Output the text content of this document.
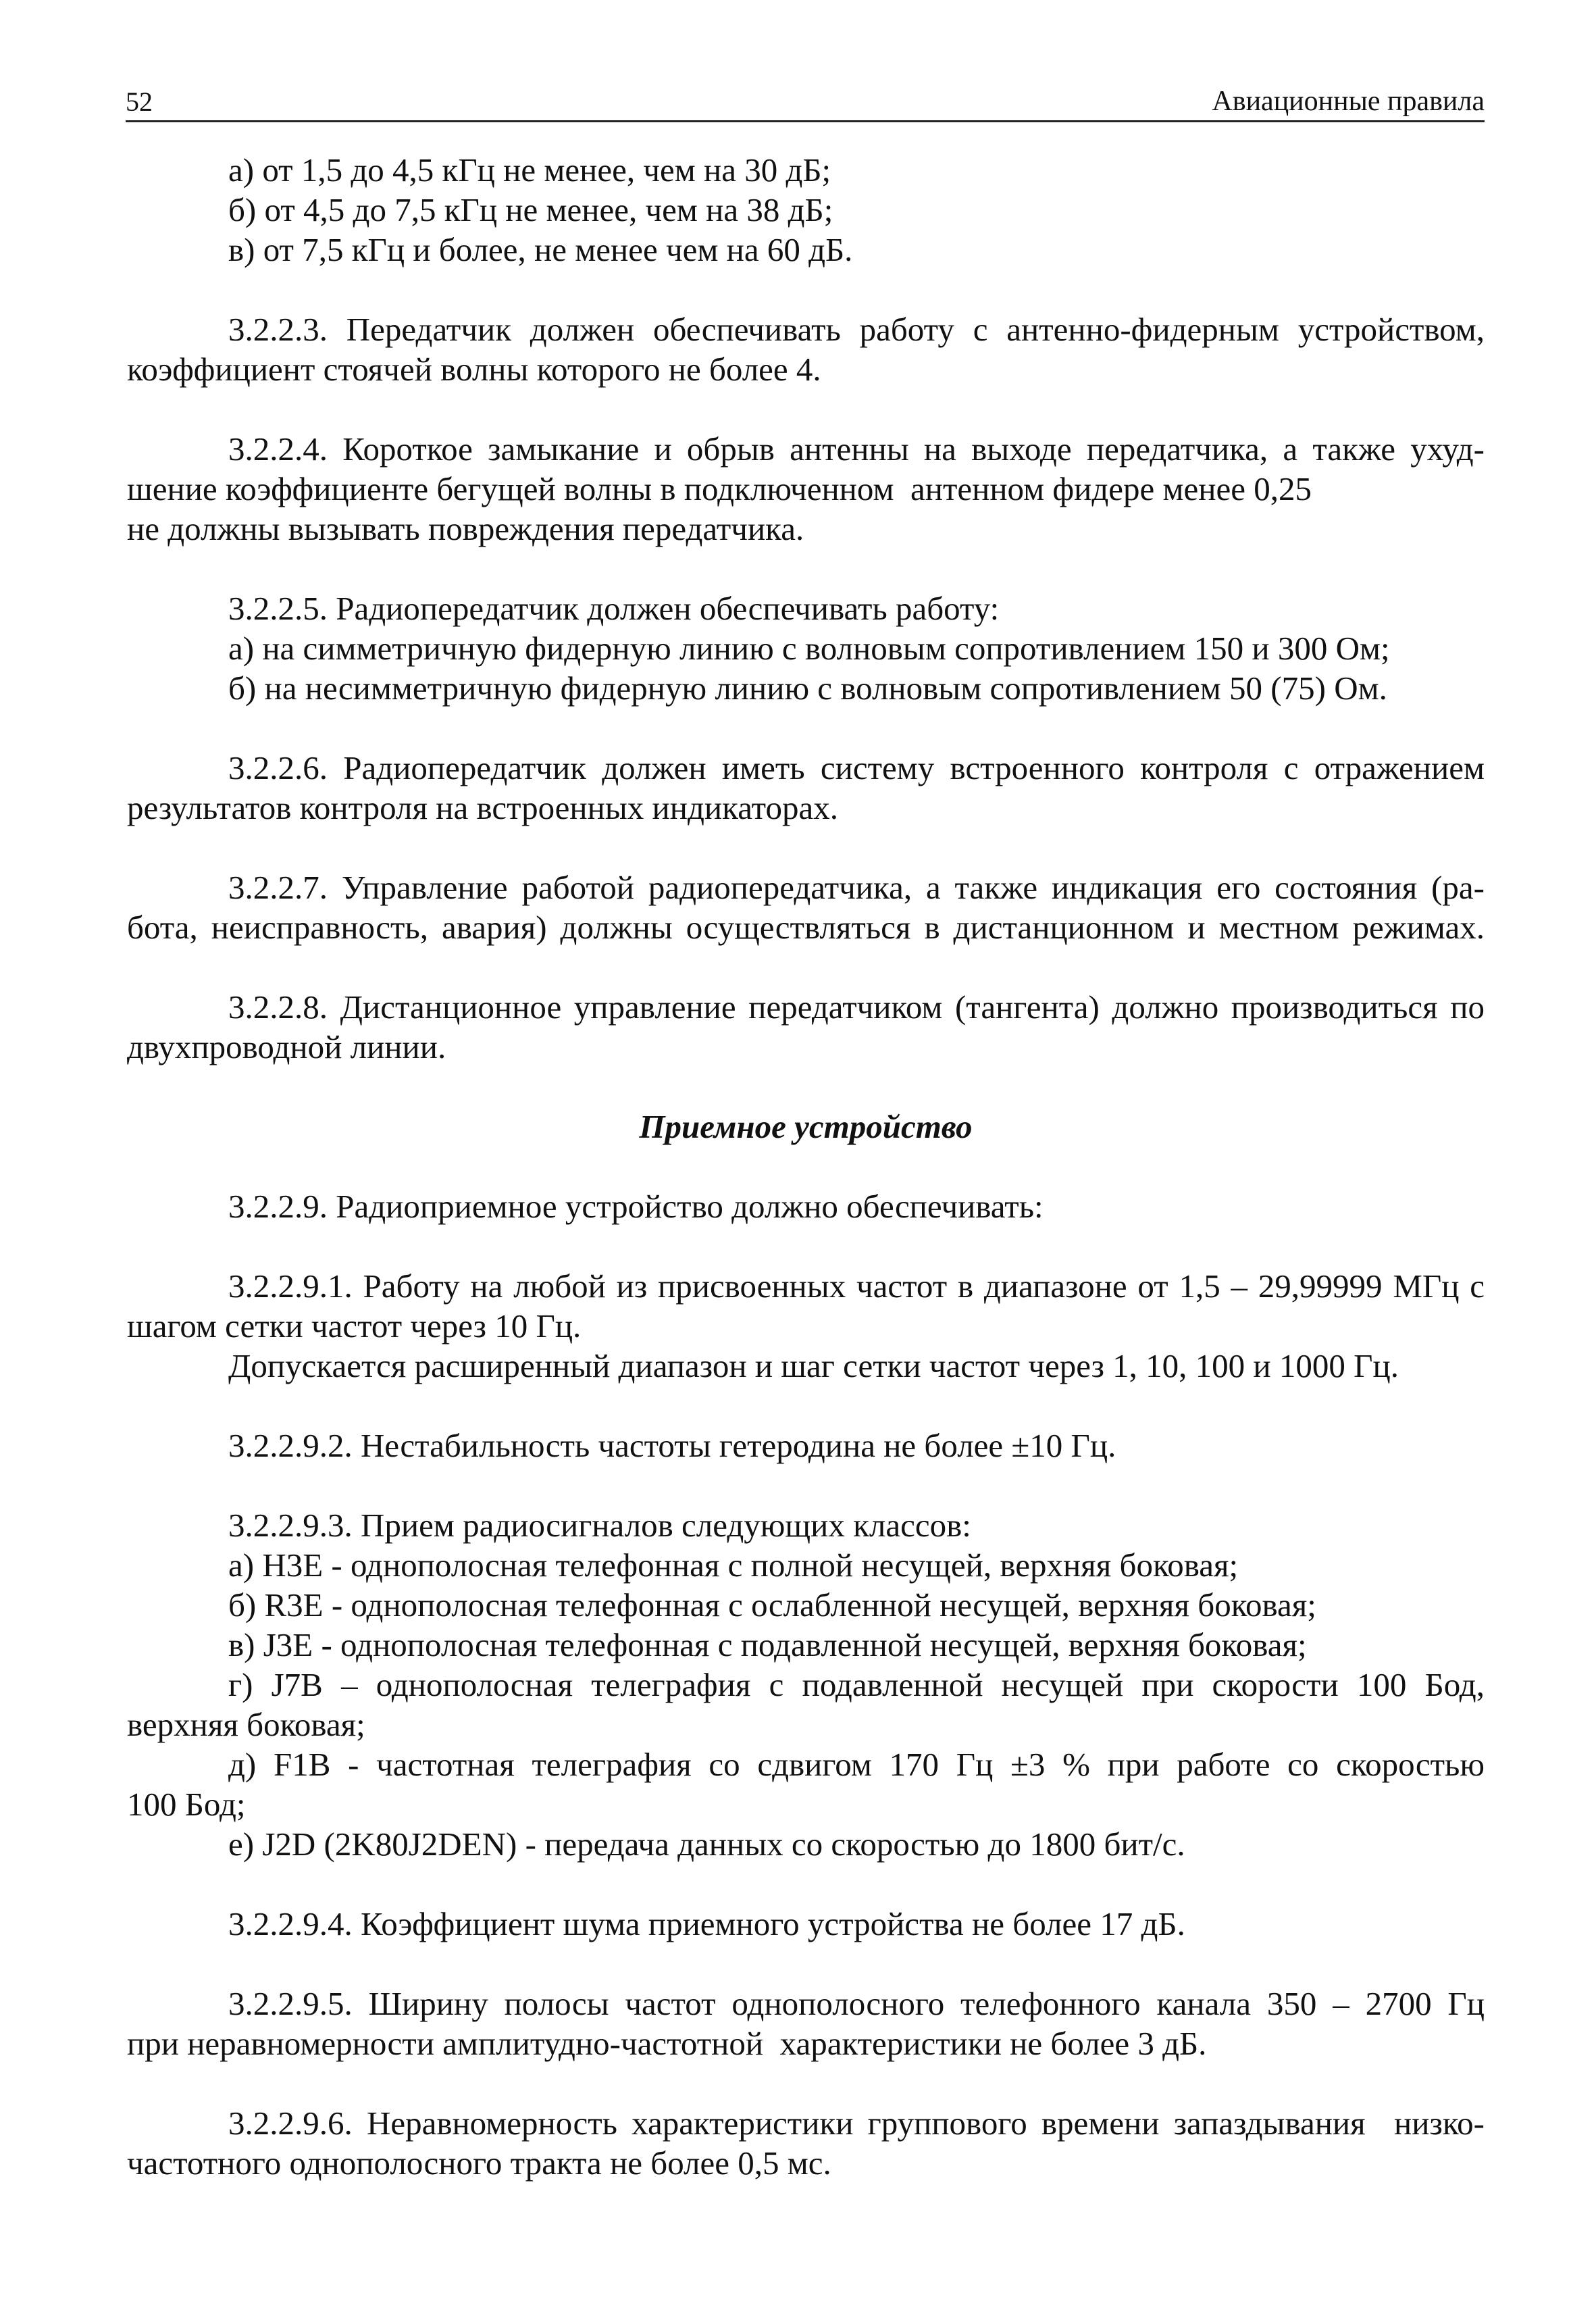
52	Авиационные правила
а) от 1,5 до 4,5 кГц не менее, чем на 30 дБ;
б) от 4,5 до 7,5 кГц не менее, чем на 38 дБ;
в) от 7,5 кГц и более, не менее чем на 60 дБ.
3.2.2.3. Передатчик должен обеспечивать работу с антенно-фидерным устройством,
коэффициент стоячей волны которого не более 4.
3.2.2.4. Короткое замыкание и обрыв антенны на выходе передатчика, а также ухуд-
шение коэффициенте бегущей волны в подключенном  антенном фидере менее 0,25
не должны вызывать повреждения передатчика.
3.2.2.5. Радиопередатчик должен обеспечивать работу:
а) на симметричную фидерную линию с волновым сопротивлением 150 и 300 Ом;
б) на несимметричную фидерную линию с волновым сопротивлением 50 (75) Ом.
3.2.2.6. Радиопередатчик должен иметь систему встроенного контроля с отражением
результатов контроля на встроенных индикаторах.
3.2.2.7. Управление работой радиопередатчика, а также индикация его состояния (ра-
бота, неисправность, авария) должны осуществляться в дистанционном и местном режимах.
3.2.2.8. Дистанционное управление передатчиком (тангента) должно производиться по
двухпроводной линии.
Приемное устройство
3.2.2.9. Радиоприемное устройство должно обеспечивать:
3.2.2.9.1. Работу на любой из присвоенных частот в диапазоне от 1,5 – 29,99999 МГц с
шагом сетки частот через 10 Гц.
Допускается расширенный диапазон и шаг сетки частот через 1, 10, 100 и 1000 Гц.
3.2.2.9.2. Нестабильность частоты гетеродина не более ±10 Гц.
3.2.2.9.3. Прием радиосигналов следующих классов:
а) H3E - однополосная телефонная с полной несущей, верхняя боковая;
б) R3E - однополосная телефонная с ослабленной несущей, верхняя боковая;
в) J3E - однополосная телефонная с подавленной несущей, верхняя боковая;
г) J7B – однополосная телеграфия с подавленной несущей при скорости 100 Бод,
верхняя боковая;
д) F1B - частотная телеграфия со сдвигом 170 Гц ±3 % при работе со скоростью
100 Бод;
е) J2D (2K80J2DEN) - передача данных со скоростью до 1800 бит/с.
3.2.2.9.4. Коэффициент шума приемного устройства не более 17 дБ.
3.2.2.9.5. Ширину полосы частот однополосного телефонного канала 350 – 2700 Гц
при неравномерности амплитудно-частотной  характеристики не более 3 дБ.
3.2.2.9.6. Неравномерность характеристики группового времени запаздывания  низко-
частотного однополосного тракта не более 0,5 мс.
